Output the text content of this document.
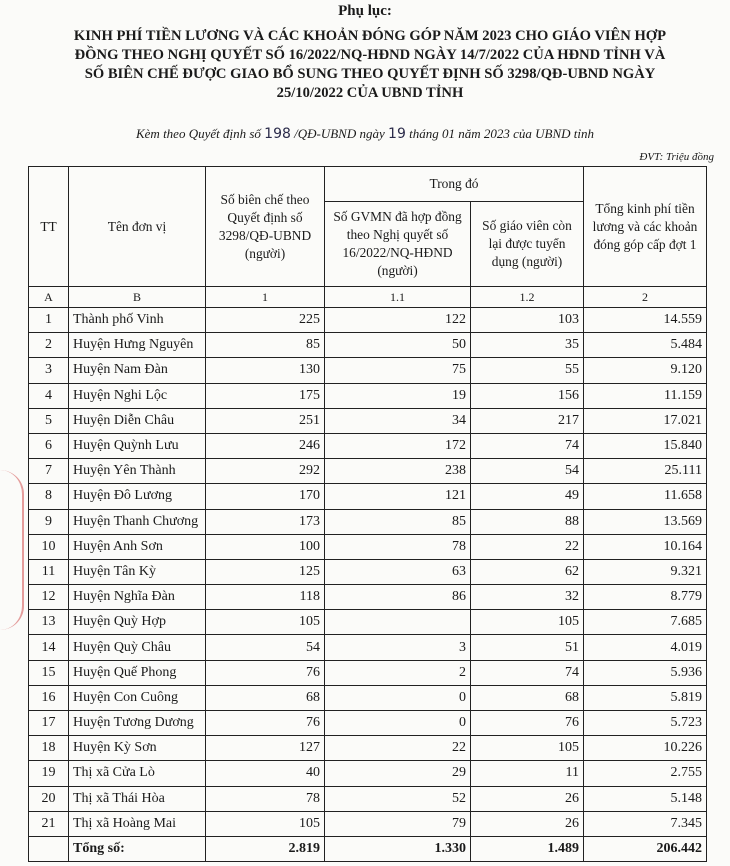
Phụ lục:
KINH PHÍ TIỀN LƯƠNG VÀ CÁC KHOẢN ĐÓNG GÓP NĂM 2023 CHO GIÁO VIÊN HỢP
ĐỒNG THEO NGHỊ QUYẾT SỐ 16/2022/NQ-HĐND NGÀY 14/7/2022 CỦA HĐND TỈNH VÀ
SỐ BIÊN CHẾ ĐƯỢC GIAO BỔ SUNG THEO QUYẾT ĐỊNH SỐ 3298/QĐ-UBND NGÀY
25/10/2022 CỦA UBND TỈNH
Kèm theo Quyết định số 198 /QĐ-UBND ngày 19 tháng 01 năm 2023 của UBND tỉnh
ĐVT: Triệu đồng
TT	Tên đơn vị	Số biên chế theo Quyết định số 3298/QĐ-UBND (người)	Trong đó		Tổng kinh phí tiền lương và các khoản đóng góp cấp đợt 1
			Số GVMN đã hợp đồng theo Nghị quyết số 16/2022/NQ-HĐND (người)	Số giáo viên còn lại được tuyển dụng (người)	
A	B	1	1.1	1.2	2
1	Thành phố Vinh	225	122	103	14.559
2	Huyện Hưng Nguyên	85	50	35	5.484
3	Huyện Nam Đàn	130	75	55	9.120
4	Huyện Nghi Lộc	175	19	156	11.159
5	Huyện Diễn Châu	251	34	217	17.021
6	Huyện Quỳnh Lưu	246	172	74	15.840
7	Huyện Yên Thành	292	238	54	25.111
8	Huyện Đô Lương	170	121	49	11.658
9	Huyện Thanh Chương	173	85	88	13.569
10	Huyện Anh Sơn	100	78	22	10.164
11	Huyện Tân Kỳ	125	63	62	9.321
12	Huyện Nghĩa Đàn	118	86	32	8.779
13	Huyện Quỳ Hợp	105		105	7.685
14	Huyện Quỳ Châu	54	3	51	4.019
15	Huyện Quế Phong	76	2	74	5.936
16	Huyện Con Cuông	68	0	68	5.819
17	Huyện Tương Dương	76	0	76	5.723
18	Huyện Kỳ Sơn	127	22	105	10.226
19	Thị xã Cửa Lò	40	29	11	2.755
20	Thị xã Thái Hòa	78	52	26	5.148
21	Thị xã Hoàng Mai	105	79	26	7.345
	Tổng số:	2.819	1.330	1.489	206.442
